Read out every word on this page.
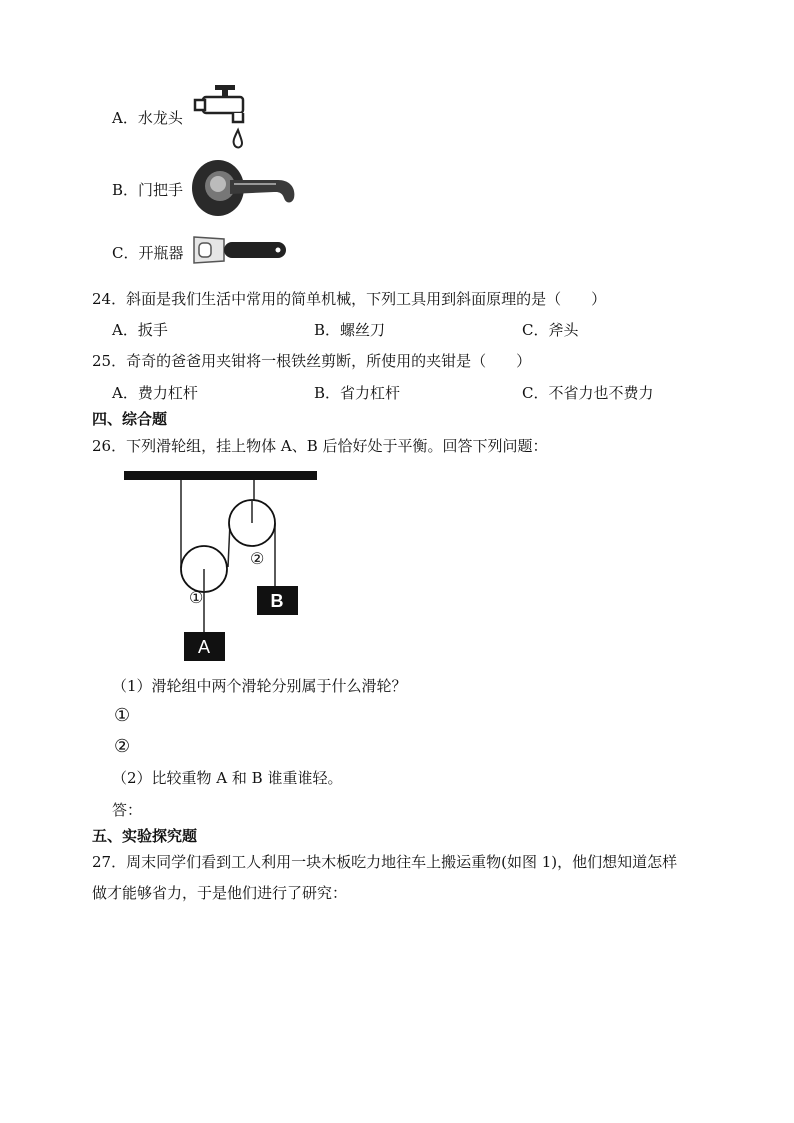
A．水龙头
B．门把手
C．开瓶器
24．斜面是我们生活中常用的简单机械，下列工具用到斜面原理的是（　　）
A．扳手	B．螺丝刀	C．斧头
25．奇奇的爸爸用夹钳将一根铁丝剪断，所使用的夹钳是（　　）
A．费力杠杆	B．省力杠杆	C．不省力也不费力
四、综合题
26．下列滑轮组，挂上物体 A、B 后恰好处于平衡。回答下列问题：
①
②
A
B
（1）滑轮组中两个滑轮分别属于什么滑轮？
①
②
（2）比较重物 A 和 B 谁重谁轻。
答：
五、实验探究题
27．周末同学们看到工人利用一块木板吃力地往车上搬运重物(如图 1)，他们想知道怎样
做才能够省力，于是他们进行了研究：
